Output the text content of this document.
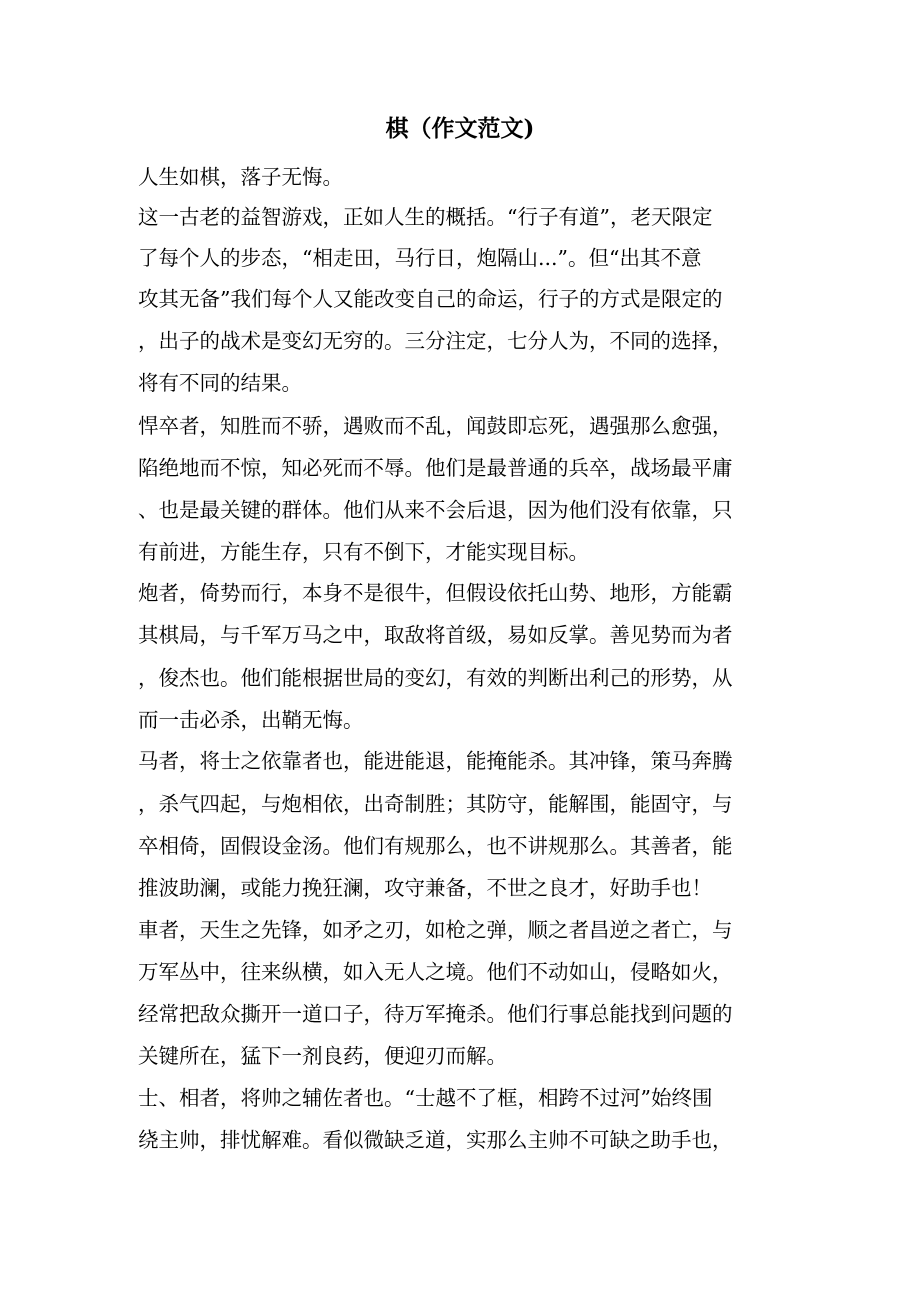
棋（作文范文)

人生如棋，落子无悔。

这一古老的益智游戏，正如人生的概括。“行子有道”，老天限定

了每个人的步态，“相走田，马行日，炮隔山...”。但“出其不意

攻其无备”我们每个人又能改变自己的命运，行子的方式是限定的

，出子的战术是变幻无穷的。三分注定，七分人为，不同的选择，

将有不同的结果。

悍卒者，知胜而不骄，遇败而不乱，闻鼓即忘死，遇强那么愈强，

陷绝地而不惊，知必死而不辱。他们是最普通的兵卒，战场最平庸

、也是最关键的群体。他们从来不会后退，因为他们没有依靠，只

有前进，方能生存，只有不倒下，才能实现目标。

炮者，倚势而行，本身不是很牛，但假设依托山势、地形，方能霸

其棋局，与千军万马之中，取敌将首级，易如反掌。善见势而为者

，俊杰也。他们能根据世局的变幻，有效的判断出利己的形势，从

而一击必杀，出鞘无悔。

马者，将士之依靠者也，能进能退，能掩能杀。其冲锋，策马奔腾

，杀气四起，与炮相依，出奇制胜；其防守，能解围，能固守，与

卒相倚，固假设金汤。他们有规那么，也不讲规那么。其善者，能

推波助澜，或能力挽狂澜，攻守兼备，不世之良才，好助手也！

車者，天生之先锋，如矛之刃，如枪之弹，顺之者昌逆之者亡，与

万军丛中，往来纵横，如入无人之境。他们不动如山，侵略如火，

经常把敌众撕开一道口子，待万军掩杀。他们行事总能找到问题的

关键所在，猛下一剂良药，便迎刃而解。

士、相者，将帅之辅佐者也。“士越不了框，相跨不过河”始终围

绕主帅，排忧解难。看似微缺乏道，实那么主帅不可缺之助手也，
